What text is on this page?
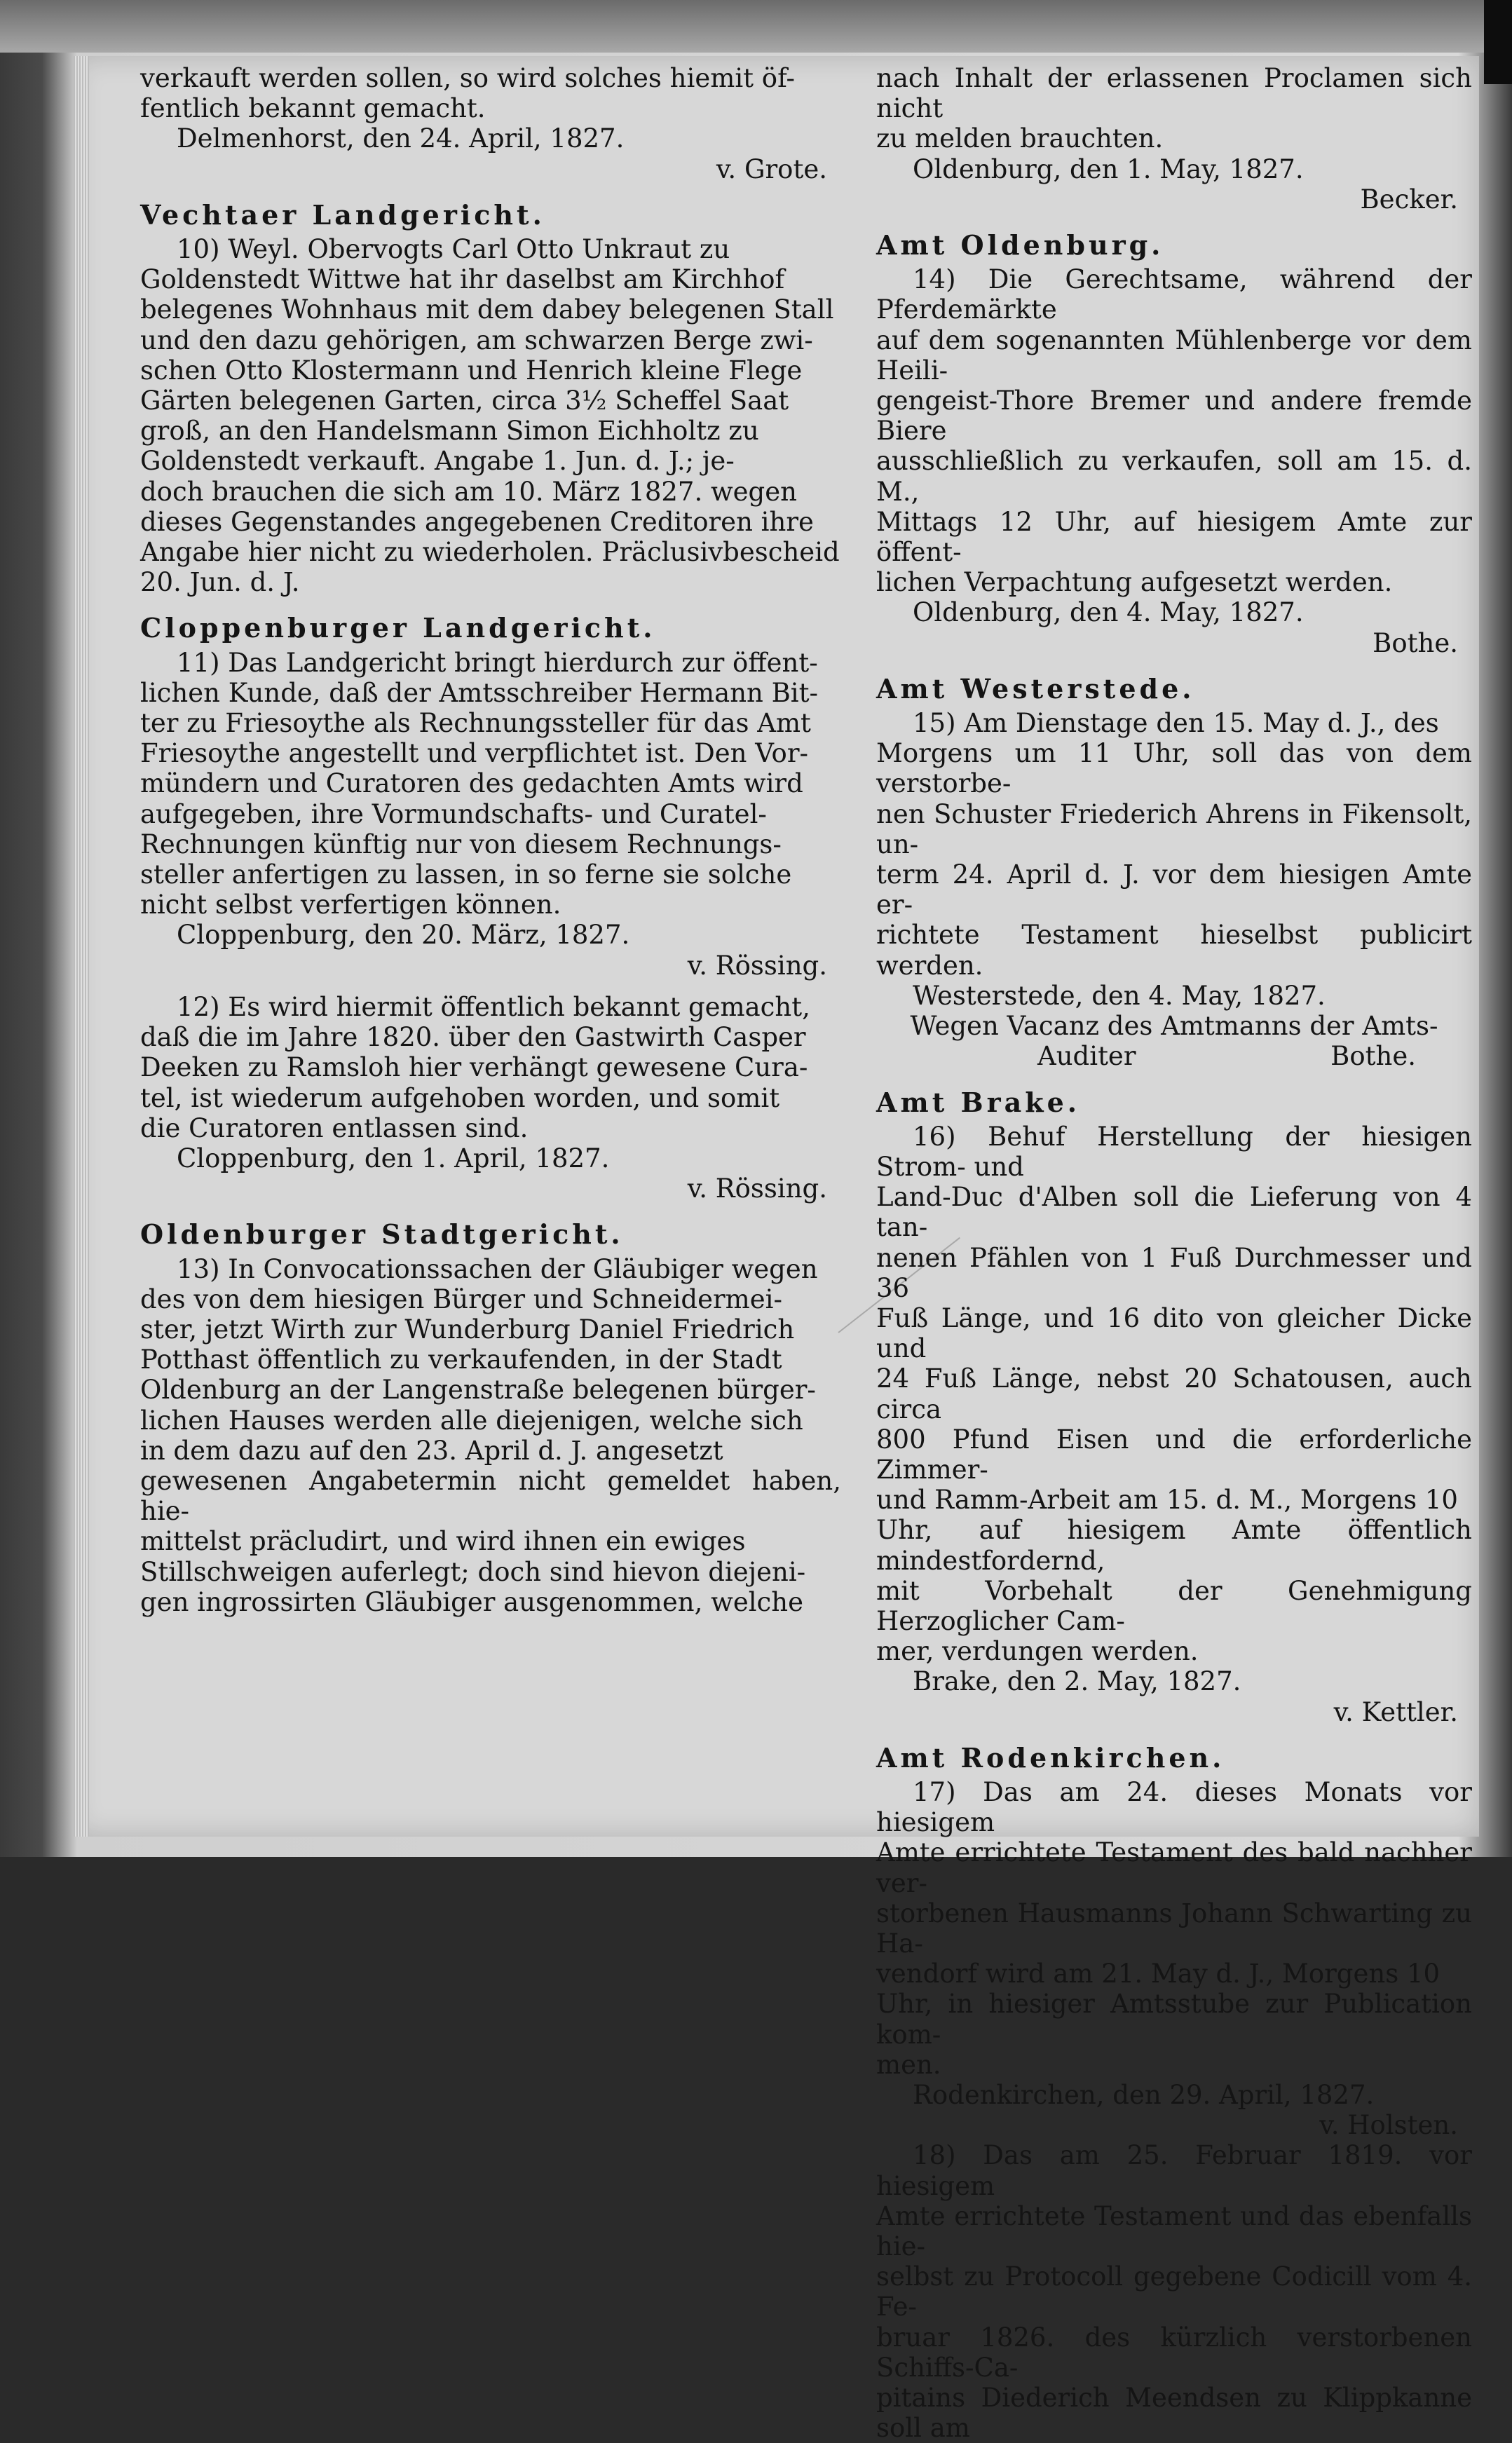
verkauft werden sollen, so wird solches hiemit öf-

fentlich bekannt gemacht.

Delmenhorst, den 24. April, 1827.

v. Grote.

Vechtaer Landgericht.

10) Weyl. Obervogts Carl Otto Unkraut zu

Goldenstedt Wittwe hat ihr daselbst am Kirchhof

belegenes Wohnhaus mit dem dabey belegenen Stall

und den dazu gehörigen, am schwarzen Berge zwi-

schen Otto Klostermann und Henrich kleine Flege

Gärten belegenen Garten, circa 3½ Scheffel Saat

groß, an den Handelsmann Simon Eichholtz zu

Goldenstedt verkauft. Angabe 1. Jun. d. J.; je-

doch brauchen die sich am 10. März 1827. wegen

dieses Gegenstandes angegebenen Creditoren ihre

Angabe hier nicht zu wiederholen. Präclusivbescheid

20. Jun. d. J.

Cloppenburger Landgericht.

11) Das Landgericht bringt hierdurch zur öffent-

lichen Kunde, daß der Amtsschreiber Hermann Bit-

ter zu Friesoythe als Rechnungssteller für das Amt

Friesoythe angestellt und verpflichtet ist. Den Vor-

mündern und Curatoren des gedachten Amts wird

aufgegeben, ihre Vormundschafts- und Curatel-

Rechnungen künftig nur von diesem Rechnungs-

steller anfertigen zu lassen, in so ferne sie solche

nicht selbst verfertigen können.

Cloppenburg, den 20. März, 1827.

v. Rössing.

12) Es wird hiermit öffentlich bekannt gemacht,

daß die im Jahre 1820. über den Gastwirth Casper

Deeken zu Ramsloh hier verhängt gewesene Cura-

tel, ist wiederum aufgehoben worden, und somit

die Curatoren entlassen sind.

Cloppenburg, den 1. April, 1827.

v. Rössing.

Oldenburger Stadtgericht.

13) In Convocationssachen der Gläubiger wegen

des von dem hiesigen Bürger und Schneidermei-

ster, jetzt Wirth zur Wunderburg Daniel Friedrich

Potthast öffentlich zu verkaufenden, in der Stadt

Oldenburg an der Langenstraße belegenen bürger-

lichen Hauses werden alle diejenigen, welche sich

in dem dazu auf den 23. April d. J. angesetzt

gewesenen Angabetermin nicht gemeldet haben, hie-

mittelst präcludirt, und wird ihnen ein ewiges

Stillschweigen auferlegt; doch sind hievon diejeni-

gen ingrossirten Gläubiger ausgenommen, welche

nach Inhalt der erlassenen Proclamen sich nicht

zu melden brauchten.

Oldenburg, den 1. May, 1827.

Becker.

Amt Oldenburg.

14) Die Gerechtsame, während der Pferdemärkte

auf dem sogenannten Mühlenberge vor dem Heili-

gengeist-Thore Bremer und andere fremde Biere

ausschließlich zu verkaufen, soll am 15. d. M.,

Mittags 12 Uhr, auf hiesigem Amte zur öffent-

lichen Verpachtung aufgesetzt werden.

Oldenburg, den 4. May, 1827.

Bothe.

Amt Westerstede.

15) Am Dienstage den 15. May d. J., des

Morgens um 11 Uhr, soll das von dem verstorbe-

nen Schuster Friederich Ahrens in Fikensolt, un-

term 24. April d. J. vor dem hiesigen Amte er-

richtete Testament hieselbst publicirt werden.

Westerstede, den 4. May, 1827.

Wegen Vacanz des Amtmanns der Amts-

Auditer	Bothe.
Amt Brake.

16) Behuf Herstellung der hiesigen Strom- und

Land-Duc d'Alben soll die Lieferung von 4 tan-

nenen Pfählen von 1 Fuß Durchmesser und 36

Fuß Länge, und 16 dito von gleicher Dicke und

24 Fuß Länge, nebst 20 Schatousen, auch circa

800 Pfund Eisen und die erforderliche Zimmer-

und Ramm-Arbeit am 15. d. M., Morgens 10

Uhr, auf hiesigem Amte öffentlich mindestfordernd,

mit Vorbehalt der Genehmigung Herzoglicher Cam-

mer, verdungen werden.

Brake, den 2. May, 1827.

v. Kettler.

Amt Rodenkirchen.

17) Das am 24. dieses Monats vor hiesigem

Amte errichtete Testament des bald nachher ver-

storbenen Hausmanns Johann Schwarting zu Ha-

vendorf wird am 21. May d. J., Morgens 10

Uhr, in hiesiger Amtsstube zur Publication kom-

men.

Rodenkirchen, den 29. April, 1827.

v. Holsten.

18) Das am 25. Februar 1819. vor hiesigem

Amte errichtete Testament und das ebenfalls hie-

selbst zu Protocoll gegebene Codicill vom 4. Fe-

bruar 1826. des kürzlich verstorbenen Schiffs-Ca-

pitains Diederich Meendsen zu Klippkanne soll am
